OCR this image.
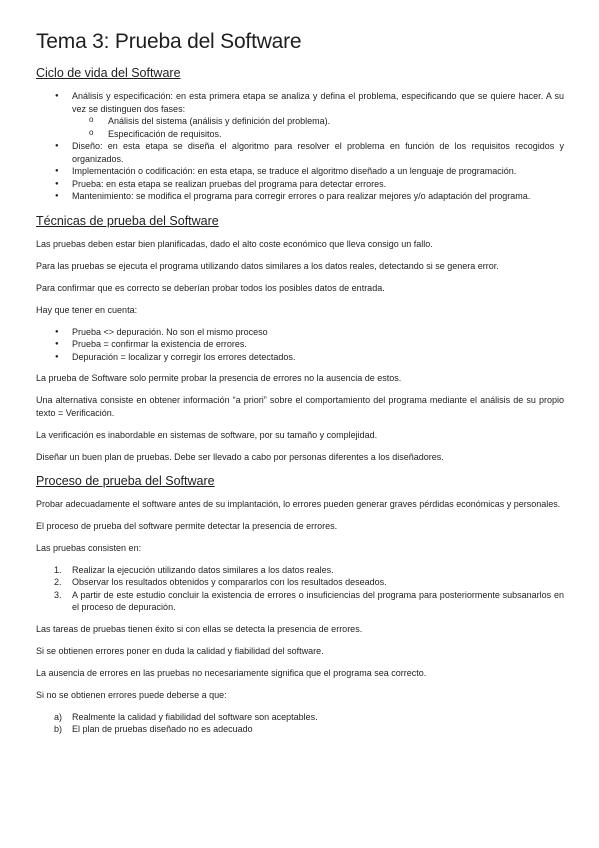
Tema 3: Prueba del Software
Ciclo de vida del Software
● Análisis y especificación: en esta primera etapa se analiza y defina el problema, especificando que se quiere hacer. A su vez se distinguen dos fases:
o Análisis del sistema (análisis y definición del problema).
o Especificación de requisitos.
● Diseño: en esta etapa se diseña el algoritmo para resolver el problema en función de los requisitos recogidos y organizados.
● Implementación o codificación: en esta etapa, se traduce el algoritmo diseñado a un lenguaje de programación.
● Prueba: en esta etapa se realizan pruebas del programa para detectar errores.
● Mantenimiento: se modifica el programa para corregir errores o para realizar mejores y/o adaptación del programa.
Técnicas de prueba del Software

Las pruebas deben estar bien planificadas, dado el alto coste económico que lleva consigo un fallo.

Para las pruebas se ejecuta el programa utilizando datos similares a los datos reales, detectando si se genera error.

Para confirmar que es correcto se deberían probar todos los posibles datos de entrada.

Hay que tener en cuenta:

● Prueba <> depuración. No son el mismo proceso
● Prueba = confirmar la existencia de errores.
● Depuración = localizar y corregir los errores detectados.

La prueba de Software solo permite probar la presencia de errores no la ausencia de estos.

Una alternativa consiste en obtener información “a priori” sobre el comportamiento del programa mediante el análisis de su propio texto = Verificación.

La verificación es inabordable en sistemas de software, por su tamaño y complejidad.

Diseñar un buen plan de pruebas. Debe ser llevado a cabo por personas diferentes a los diseñadores.

Proceso de prueba del Software

Probar adecuadamente el software antes de su implantación, lo errores pueden generar graves pérdidas económicas y personales.

El proceso de prueba del software permite detectar la presencia de errores.

Las pruebas consisten en:

1. Realizar la ejecución utilizando datos similares a los datos reales.
2. Observar los resultados obtenidos y compararlos con los resultados deseados.
3. A partir de este estudio concluir la existencia de errores o insuficiencias del programa para posteriormente subsanarlos en el proceso de depuración.

Las tareas de pruebas tienen éxito si con ellas se detecta la presencia de errores.

Si se obtienen errores poner en duda la calidad y fiabilidad del software.

La ausencia de errores en las pruebas no necesariamente significa que el programa sea correcto.

Si no se obtienen errores puede deberse a que:

a) Realmente la calidad y fiabilidad del software son aceptables.
b) El plan de pruebas diseñado no es adecuado
